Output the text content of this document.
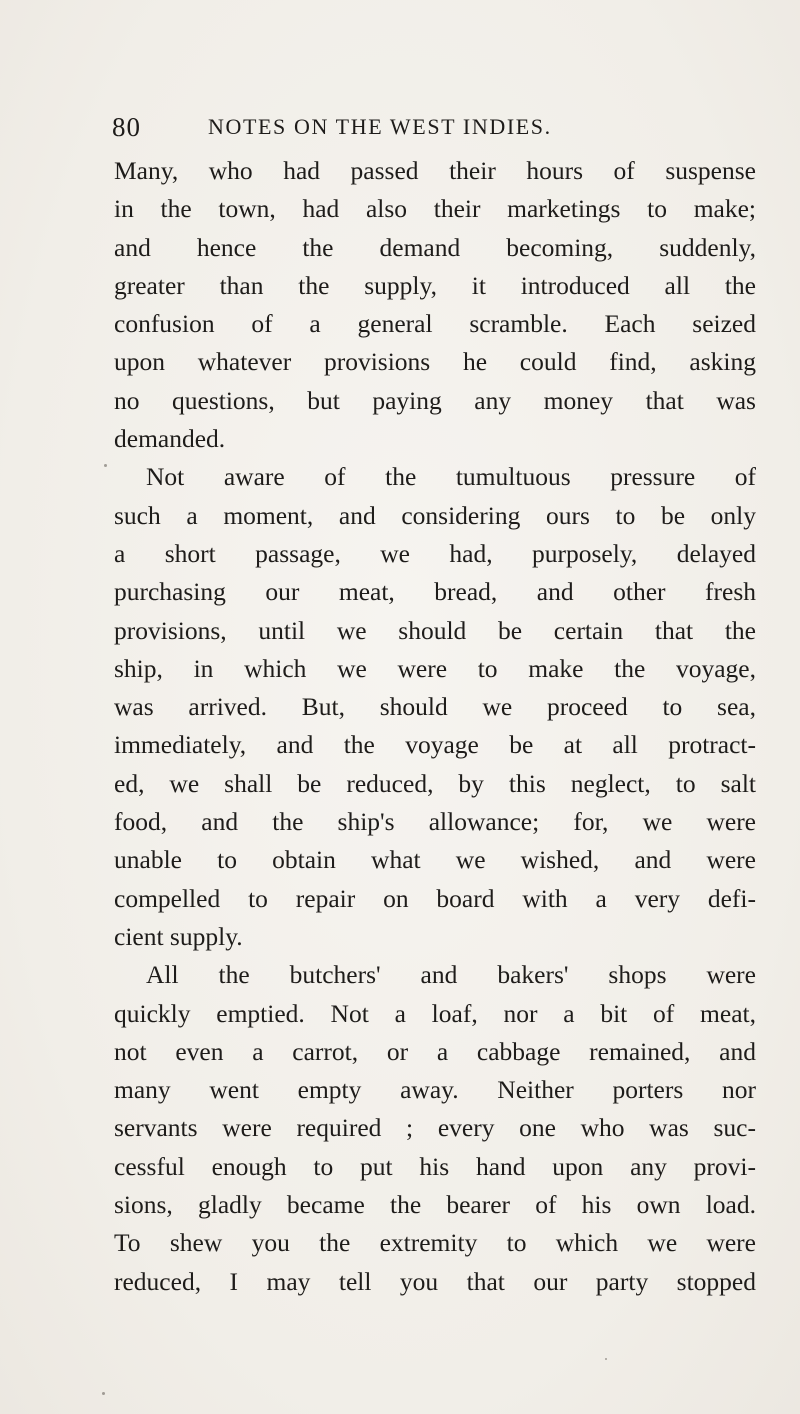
80	NOTES ON THE WEST INDIES.
Many, who had passed their hours of suspense
in the town, had also their marketings to make;
and hence the demand becoming, suddenly,
greater than the supply, it introduced all the
confusion of a general scramble. Each seized
upon whatever provisions he could find, asking
no questions, but paying any money that was
demanded.
Not aware of the tumultuous pressure of
such a moment, and considering ours to be only
a short passage, we had, purposely, delayed
purchasing our meat, bread, and other fresh
provisions, until we should be certain that the
ship, in which we were to make the voyage,
was arrived. But, should we proceed to sea,
immediately, and the voyage be at all protract-
ed, we shall be reduced, by this neglect, to salt
food, and the ship's allowance; for, we were
unable to obtain what we wished, and were
compelled to repair on board with a very defi-
cient supply.
All the butchers' and bakers' shops were
quickly emptied. Not a loaf, nor a bit of meat,
not even a carrot, or a cabbage remained, and
many went empty away. Neither porters nor
servants were required ; every one who was suc-
cessful enough to put his hand upon any provi-
sions, gladly became the bearer of his own load.
To shew you the extremity to which we were
reduced, I may tell you that our party stopped
